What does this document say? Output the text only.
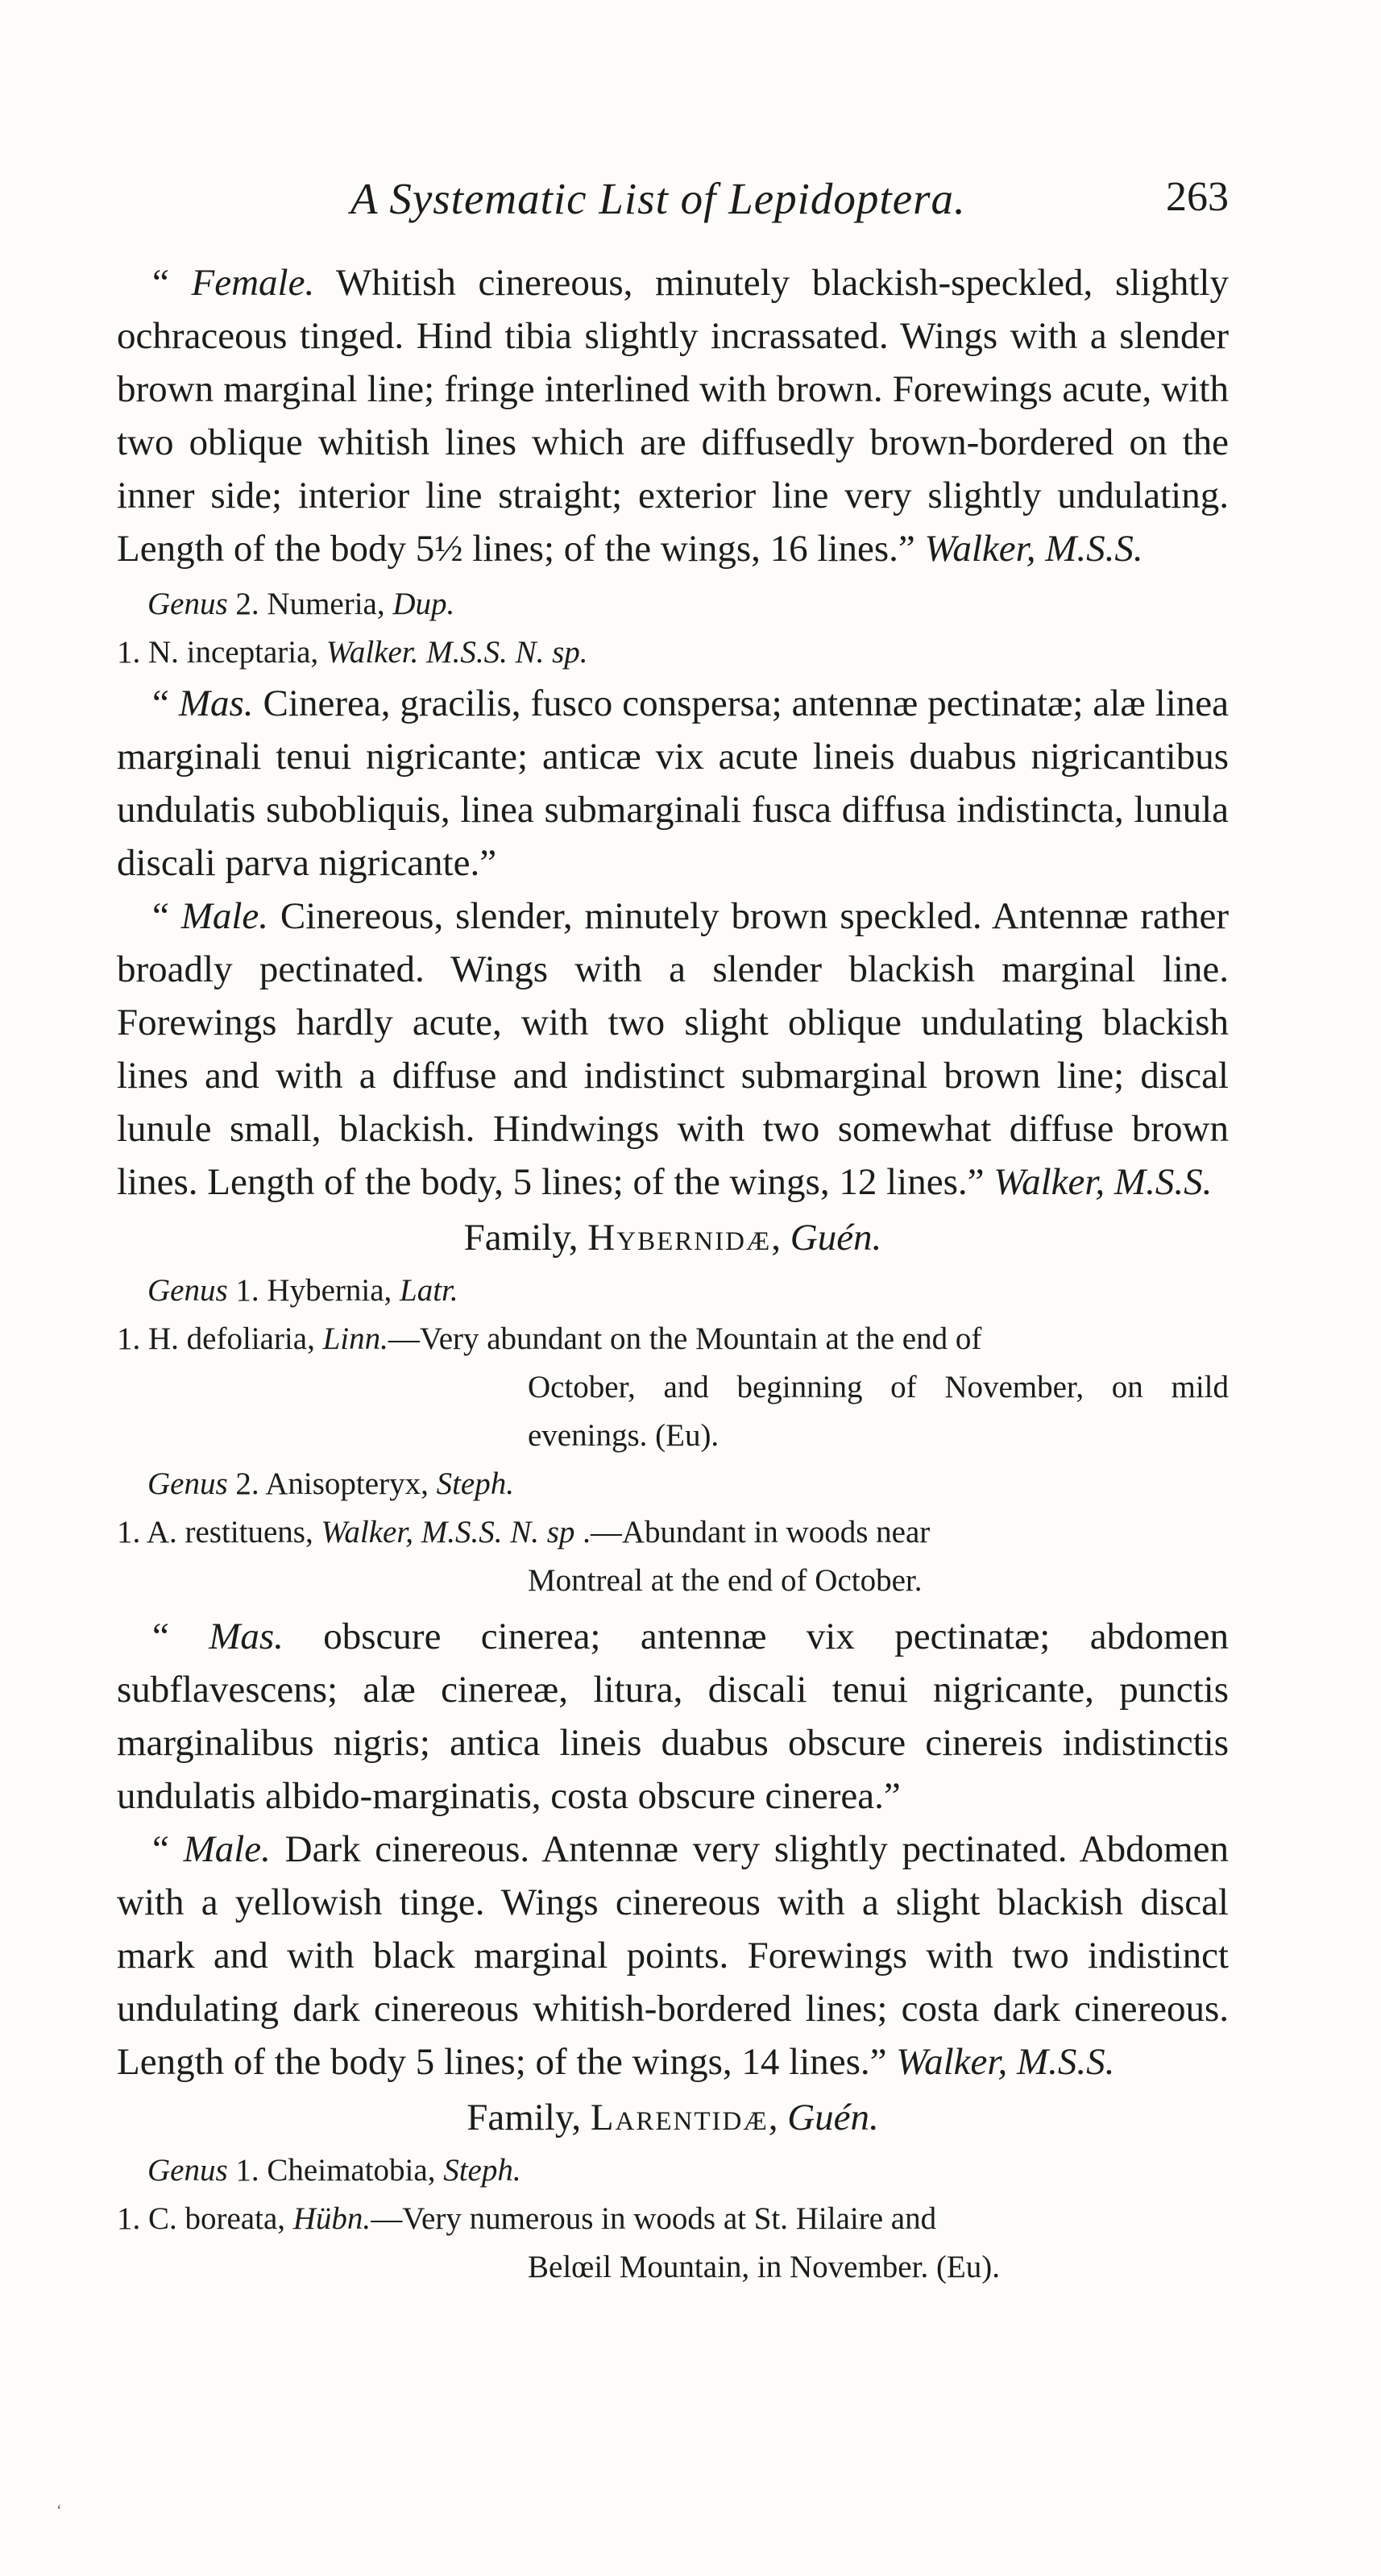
A Systematic List of Lepidoptera.	263

“ Female. Whitish cinereous, minutely blackish-speckled, slightly ochraceous tinged. Hind tibia slightly incrassated. Wings with a slender brown marginal line; fringe interlined with brown. Forewings acute, with two oblique whitish lines which are diffusedly brown-bordered on the inner side; interior line straight; exterior line very slightly undulating. Length of the body 5½ lines; of the wings, 16 lines.” Walker, M.S.S.

Genus 2. Numeria, Dup.

1. N. inceptaria, Walker. M.S.S. N. sp.

“ Mas. Cinerea, gracilis, fusco conspersa; antennæ pectinatæ; alæ linea marginali tenui nigricante; anticæ vix acute lineis duabus nigricantibus undulatis subobliquis, linea submarginali fusca diffusa indistincta, lunula discali parva nigricante.”

“ Male. Cinereous, slender, minutely brown speckled. Antennæ rather broadly pectinated. Wings with a slender blackish marginal line. Forewings hardly acute, with two slight oblique undulating blackish lines and with a diffuse and indistinct submarginal brown line; discal lunule small, blackish. Hindwings with two somewhat diffuse brown lines. Length of the body, 5 lines; of the wings, 12 lines.” Walker, M.S.S.

Family, Hybernidæ, Guén.

Genus 1. Hybernia, Latr.

1. H. defoliaria, Linn.—Very abundant on the Mountain at the end of
October, and beginning of November, on mild evenings. (Eu).

Genus 2. Anisopteryx, Steph.

1. A. restituens, Walker, M.S.S. N. sp .—Abundant in woods near
Montreal at the end of October.

“ Mas. obscure cinerea; antennæ vix pectinatæ; abdomen subflavescens; alæ cinereæ, litura, discali tenui nigricante, punctis marginalibus nigris; antica lineis duabus obscure cinereis indistinctis undulatis albido-marginatis, costa obscure cinerea.”

“ Male. Dark cinereous. Antennæ very slightly pectinated. Abdomen with a yellowish tinge. Wings cinereous with a slight blackish discal mark and with black marginal points. Forewings with two indistinct undulating dark cinereous whitish-bordered lines; costa dark cinereous. Length of the body 5 lines; of the wings, 14 lines.” Walker, M.S.S.

Family, Larentidæ, Guén.

Genus 1. Cheimatobia, Steph.

1. C. boreata, Hübn.—Very numerous in woods at St. Hilaire and
Belœil Mountain, in November. (Eu).
ʻ
